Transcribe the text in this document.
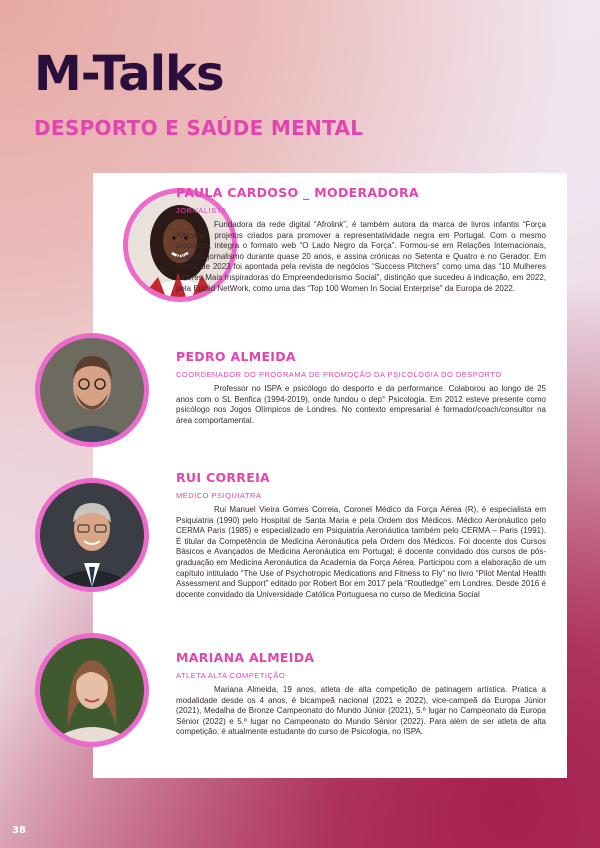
M-Talks
DESPORTO E SAÚDE MENTAL
PAULA CARDOSO _ MODERADORA
JORNALISTA

Fundadora da rede digital “Afrolink”, é também autora da marca de livros infantis “Força Africana”, projetos criados para promover a representatividade negra em Portugal. Com o mesmo propósito, integra o formato web “O Lado Negro da Força”. Formou-se em Relações Internacionais, exerceu jornalismo durante quase 20 anos, e assina crónicas no Setenta e Quatro e no Gerador. Em Março de 2023 foi apontada pela revista de negócios “Success Pitchers” como uma das “10 Mulheres Líderes Mais Inspiradoras do Empreendedorismo Social”, distinção que sucedeu à indicação, em 2022, pela Euclid NetWork, como uma das “Top 100 Women In Social Enterprise” da Europa de 2022.

PEDRO ALMEIDA
COORDENADOR DO PROGRAMA DE PROMOÇÃO DA PSICOLOGIA DO DESPORTO

Professor no ISPA e psicólogo do desporto e da performance. Colaborou ao longo de 25 anos com o SL Benfica (1994-2019), onde fundou o dep° Psicologia. Em 2012 esteve presente como psicólogo nos Jogos Olímpicos de Londres. No contexto empresarial é formador/coach/consultor na área comportamental.

RUI CORREIA
MÉDICO PSIQUIATRA

Rui Manuel Vieira Gomes Correia, Coronel Médico da Força Aérea (R), é especialista em Psiquiatria (1990) pelo Hospital de Santa Maria e pela Ordem dos Médicos. Médico Aeronáutico pelo CERMA Paris (1985) e especializado em Psiquiatria Aeronáutica também pelo CERMA – Paris (1991). É titular da Competência de Medicina Aeronáutica pela Ordem dos Médicos. Foi docente dos Cursos Básicos e Avançados de Medicina Aeronáutica em Portugal; é docente convidado dos cursos de pós-graduação em Medicina Aeronáutica da Academia da Força Aérea. Participou com a elaboração de um capítulo intitulado “The Use of Psychotropic Medications and Fitness to Fly” no livro “Pilot Mental Health Assessment and Support” editado por Robert Bor em 2017 pela “Routledge” em Londres. Desde 2016 é docente convidado da Universidade Católica Portuguesa no curso de Medicina Social

MARIANA ALMEIDA
ATLETA ALTA COMPETIÇÃO

Mariana Almeida, 19 anos, atleta de alta competição de patinagem artística. Pratica a modalidade desde os 4 anos, é bicampeã nacional (2021 e 2022), vice-campeã da Europa Júnior (2021), Medalha de Bronze Campeonato do Mundo Júnior (2021), 5.º lugar no Campeonato da Europa Sénior (2022) e 5.º lugar no Campeonato do Mundo Sénior (2022). Para além de ser atleta de alta competição, é atualmente estudante do curso de Psicologia, no ISPA.

38
